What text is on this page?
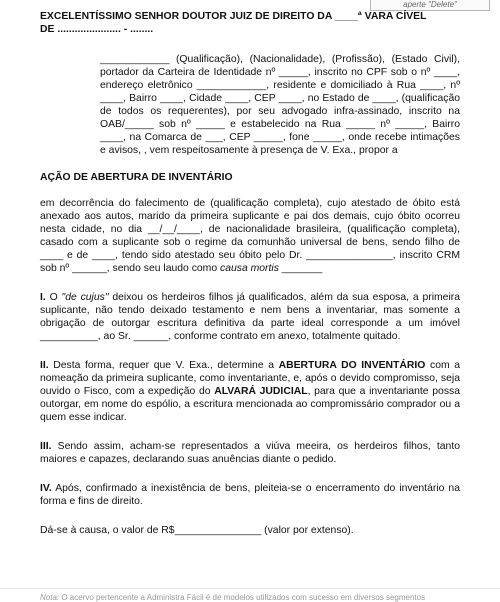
aperte "Delete"

EXCELENTÍSSIMO SENHOR DOUTOR JUIZ DE DIREITO DA ____ª VARA CÍVEL

DE ...................... - ........

____________ (Qualificação), (Nacionalidade), (Profissão), (Estado Civil), portador da Carteira de Identidade nº _____, inscrito no CPF sob o nº ____, endereço eletrônico ____________, residente e domiciliado à Rua ____, nº ____, Bairro ____, Cidade ____, CEP ____, no Estado de ____, (qualificação de todos os requerentes), por seu advogado infra-assinado, inscrito na OAB/_____ sob nº _____ e estabelecido na Rua _____ nº _____, Bairro ____, na Comarca de ___, CEP _____, fone _____, onde recebe intimações e avisos, , vem respeitosamente à presença de V. Exa., propor a
AÇÃO DE ABERTURA DE INVENTÁRIO
em decorrência do falecimento de (qualificação completa), cujo atestado de óbito está anexado aos autos, marido da primeira suplicante e pai dos demais, cujo óbito ocorreu nesta cidade, no dia __/__/____, de nacionalidade brasileira, (qualificação completa), casado com a suplicante sob o regime da comunhão universal de bens, sendo filho de ____ e de ____, tendo sido atestado seu óbito pelo Dr. _______________, inscrito CRM sob nº ______, sendo seu laudo como causa mortis _______
I. O "de cujus" deixou os herdeiros filhos já qualificados, além da sua esposa, a primeira suplicante, não tendo deixado testamento e nem bens a inventariar, mas somente a obrigação de outorgar escritura definitiva da parte ideal corresponde a um imóvel __________, ao Sr. ______, conforme contrato em anexo, totalmente quitado.
II. Desta forma, requer que V. Exa., determine a ABERTURA DO INVENTÁRIO com a nomeação da primeira suplicante, como inventariante, e, após o devido compromisso, seja ouvido o Fisco, com a expedição do ALVARÁ JUDICIAL, para que a inventariante possa outorgar, em nome do espólio, a escritura mencionada ao compromissário comprador ou a quem esse indicar.
III. Sendo assim, acham-se representados a viúva meeira, os herdeiros filhos, tanto maiores e capazes, declarando suas anuências diante o pedido.
IV. Após, confirmado a inexistência de bens, pleiteia-se o encerramento do inventário na forma e fins de direito.
Dá-se à causa, o valor de R$_______________ (valor por extenso).
Nota: O acervo pertencente a Administra Fácil é de modelos utilizados com sucesso em diversos segmentos
